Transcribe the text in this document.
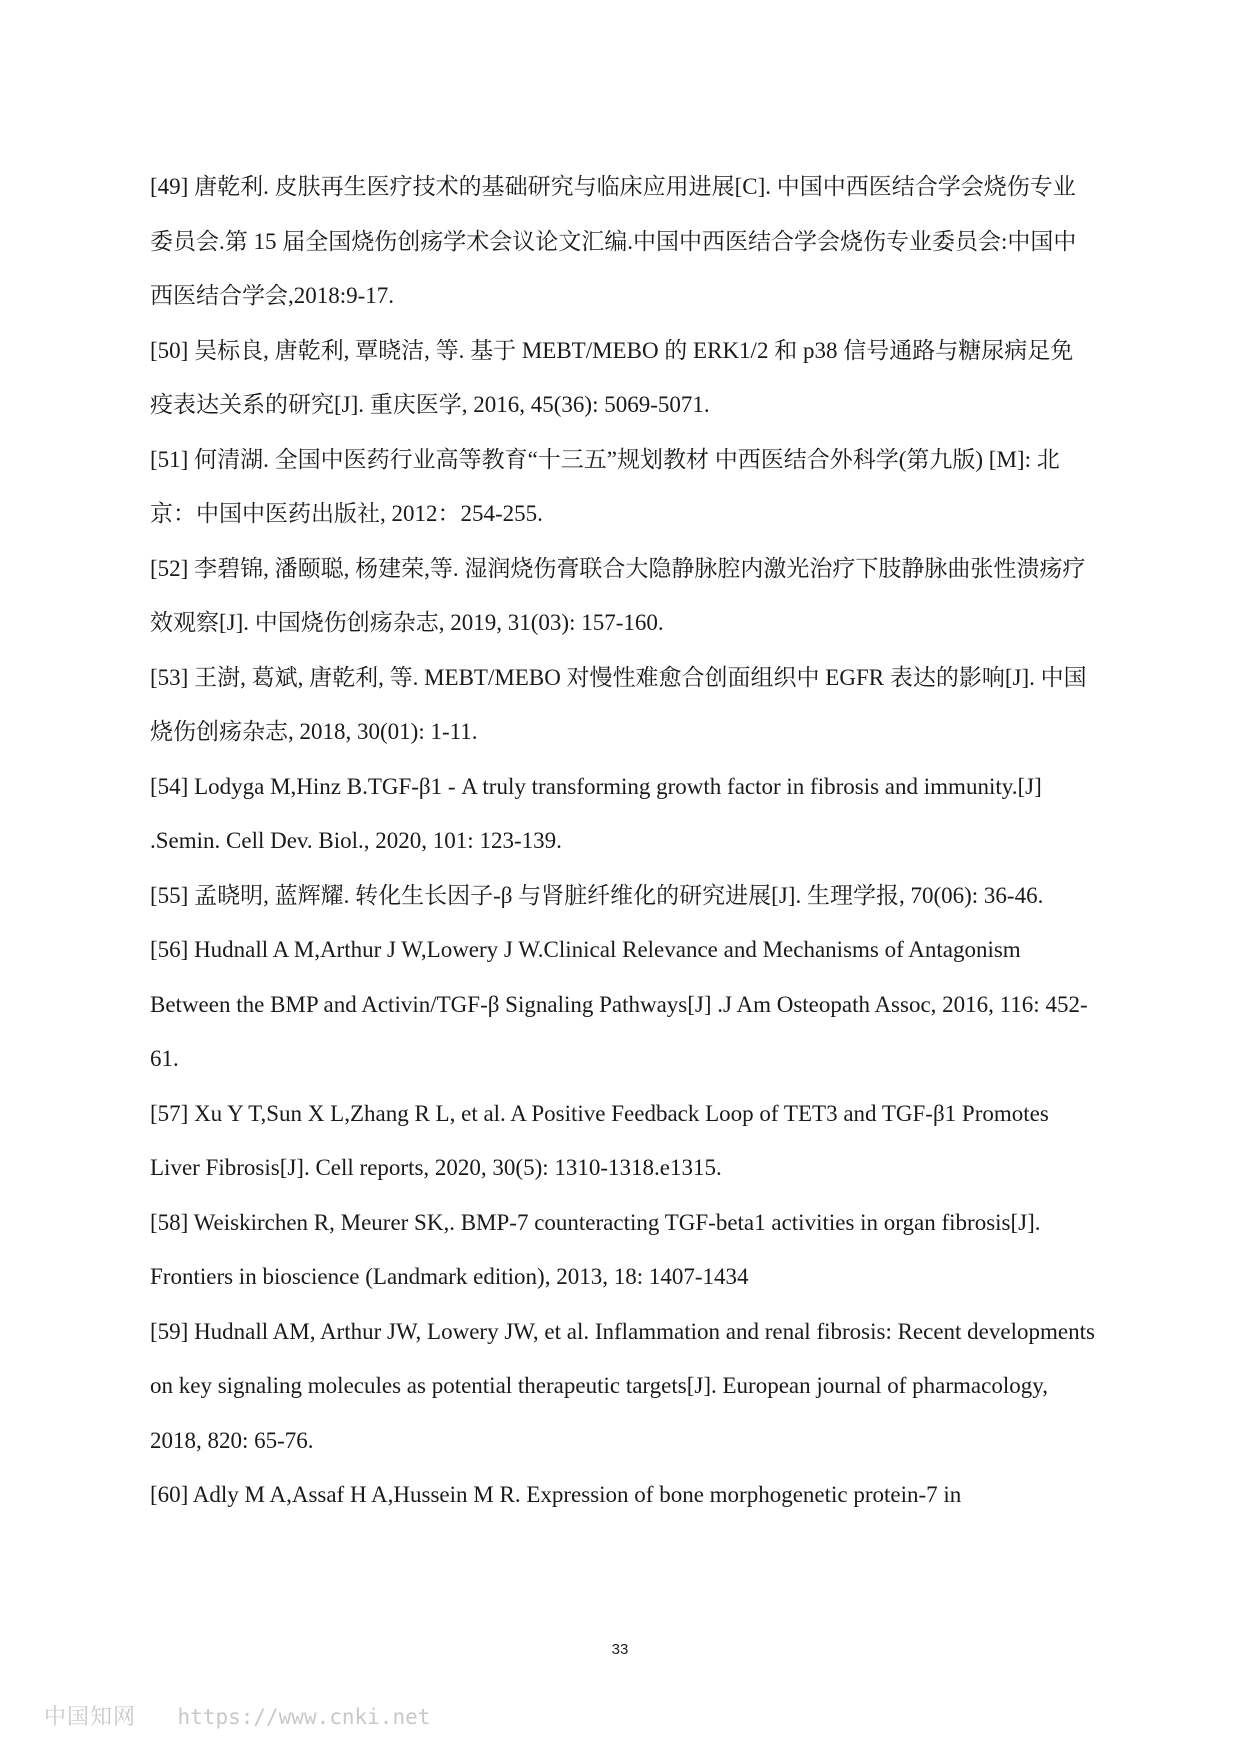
[49] 唐乾利. 皮肤再生医疗技术的基础研究与临床应用进展[C]. 中国中西医结合学会烧伤专业委员会.第 15 届全国烧伤创疡学术会议论文汇编.中国中西医结合学会烧伤专业委员会:中国中西医结合学会,2018:9-17.
[50] 吴标良, 唐乾利, 覃晓洁, 等. 基于 MEBT/MEBO 的 ERK1/2 和 p38 信号通路与糖尿病足免疫表达关系的研究[J]. 重庆医学, 2016, 45(36): 5069-5071.
[51] 何清湖. 全国中医药行业高等教育“十三五”规划教材 中西医结合外科学(第九版) [M]: 北京：中国中医药出版社, 2012：254-255.
[52] 李碧锦, 潘颐聪, 杨建荣,等. 湿润烧伤膏联合大隐静脉腔内激光治疗下肢静脉曲张性溃疡疗效观察[J]. 中国烧伤创疡杂志, 2019, 31(03): 157-160.
[53] 王澍, 葛斌, 唐乾利, 等. MEBT/MEBO 对慢性难愈合创面组织中 EGFR 表达的影响[J]. 中国烧伤创疡杂志, 2018, 30(01): 1-11.
[54] Lodyga M,Hinz B.TGF-β1 - A truly transforming growth factor in fibrosis and immunity.[J] .Semin. Cell Dev. Biol., 2020, 101: 123-139.
[55] 孟晓明, 蓝辉耀. 转化生长因子-β 与肾脏纤维化的研究进展[J]. 生理学报, 70(06): 36-46.
[56] Hudnall A M,Arthur J W,Lowery J W.Clinical Relevance and Mechanisms of Antagonism Between the BMP and Activin/TGF-β Signaling Pathways[J] .J Am Osteopath Assoc, 2016, 116: 452-61.
[57] Xu Y T,Sun X L,Zhang R L, et al. A Positive Feedback Loop of TET3 and TGF-β1 Promotes Liver Fibrosis[J]. Cell reports, 2020, 30(5): 1310-1318.e1315.
[58] Weiskirchen R, Meurer SK,. BMP-7 counteracting TGF-beta1 activities in organ fibrosis[J]. Frontiers in bioscience (Landmark edition), 2013, 18: 1407-1434
[59] Hudnall AM, Arthur JW, Lowery JW, et al. Inflammation and renal fibrosis: Recent developments on key signaling molecules as potential therapeutic targets[J]. European journal of pharmacology, 2018, 820: 65-76.
[60] Adly M A,Assaf H A,Hussein M R. Expression of bone morphogenetic protein-7 in
33
中国知网 https://www.cnki.net
